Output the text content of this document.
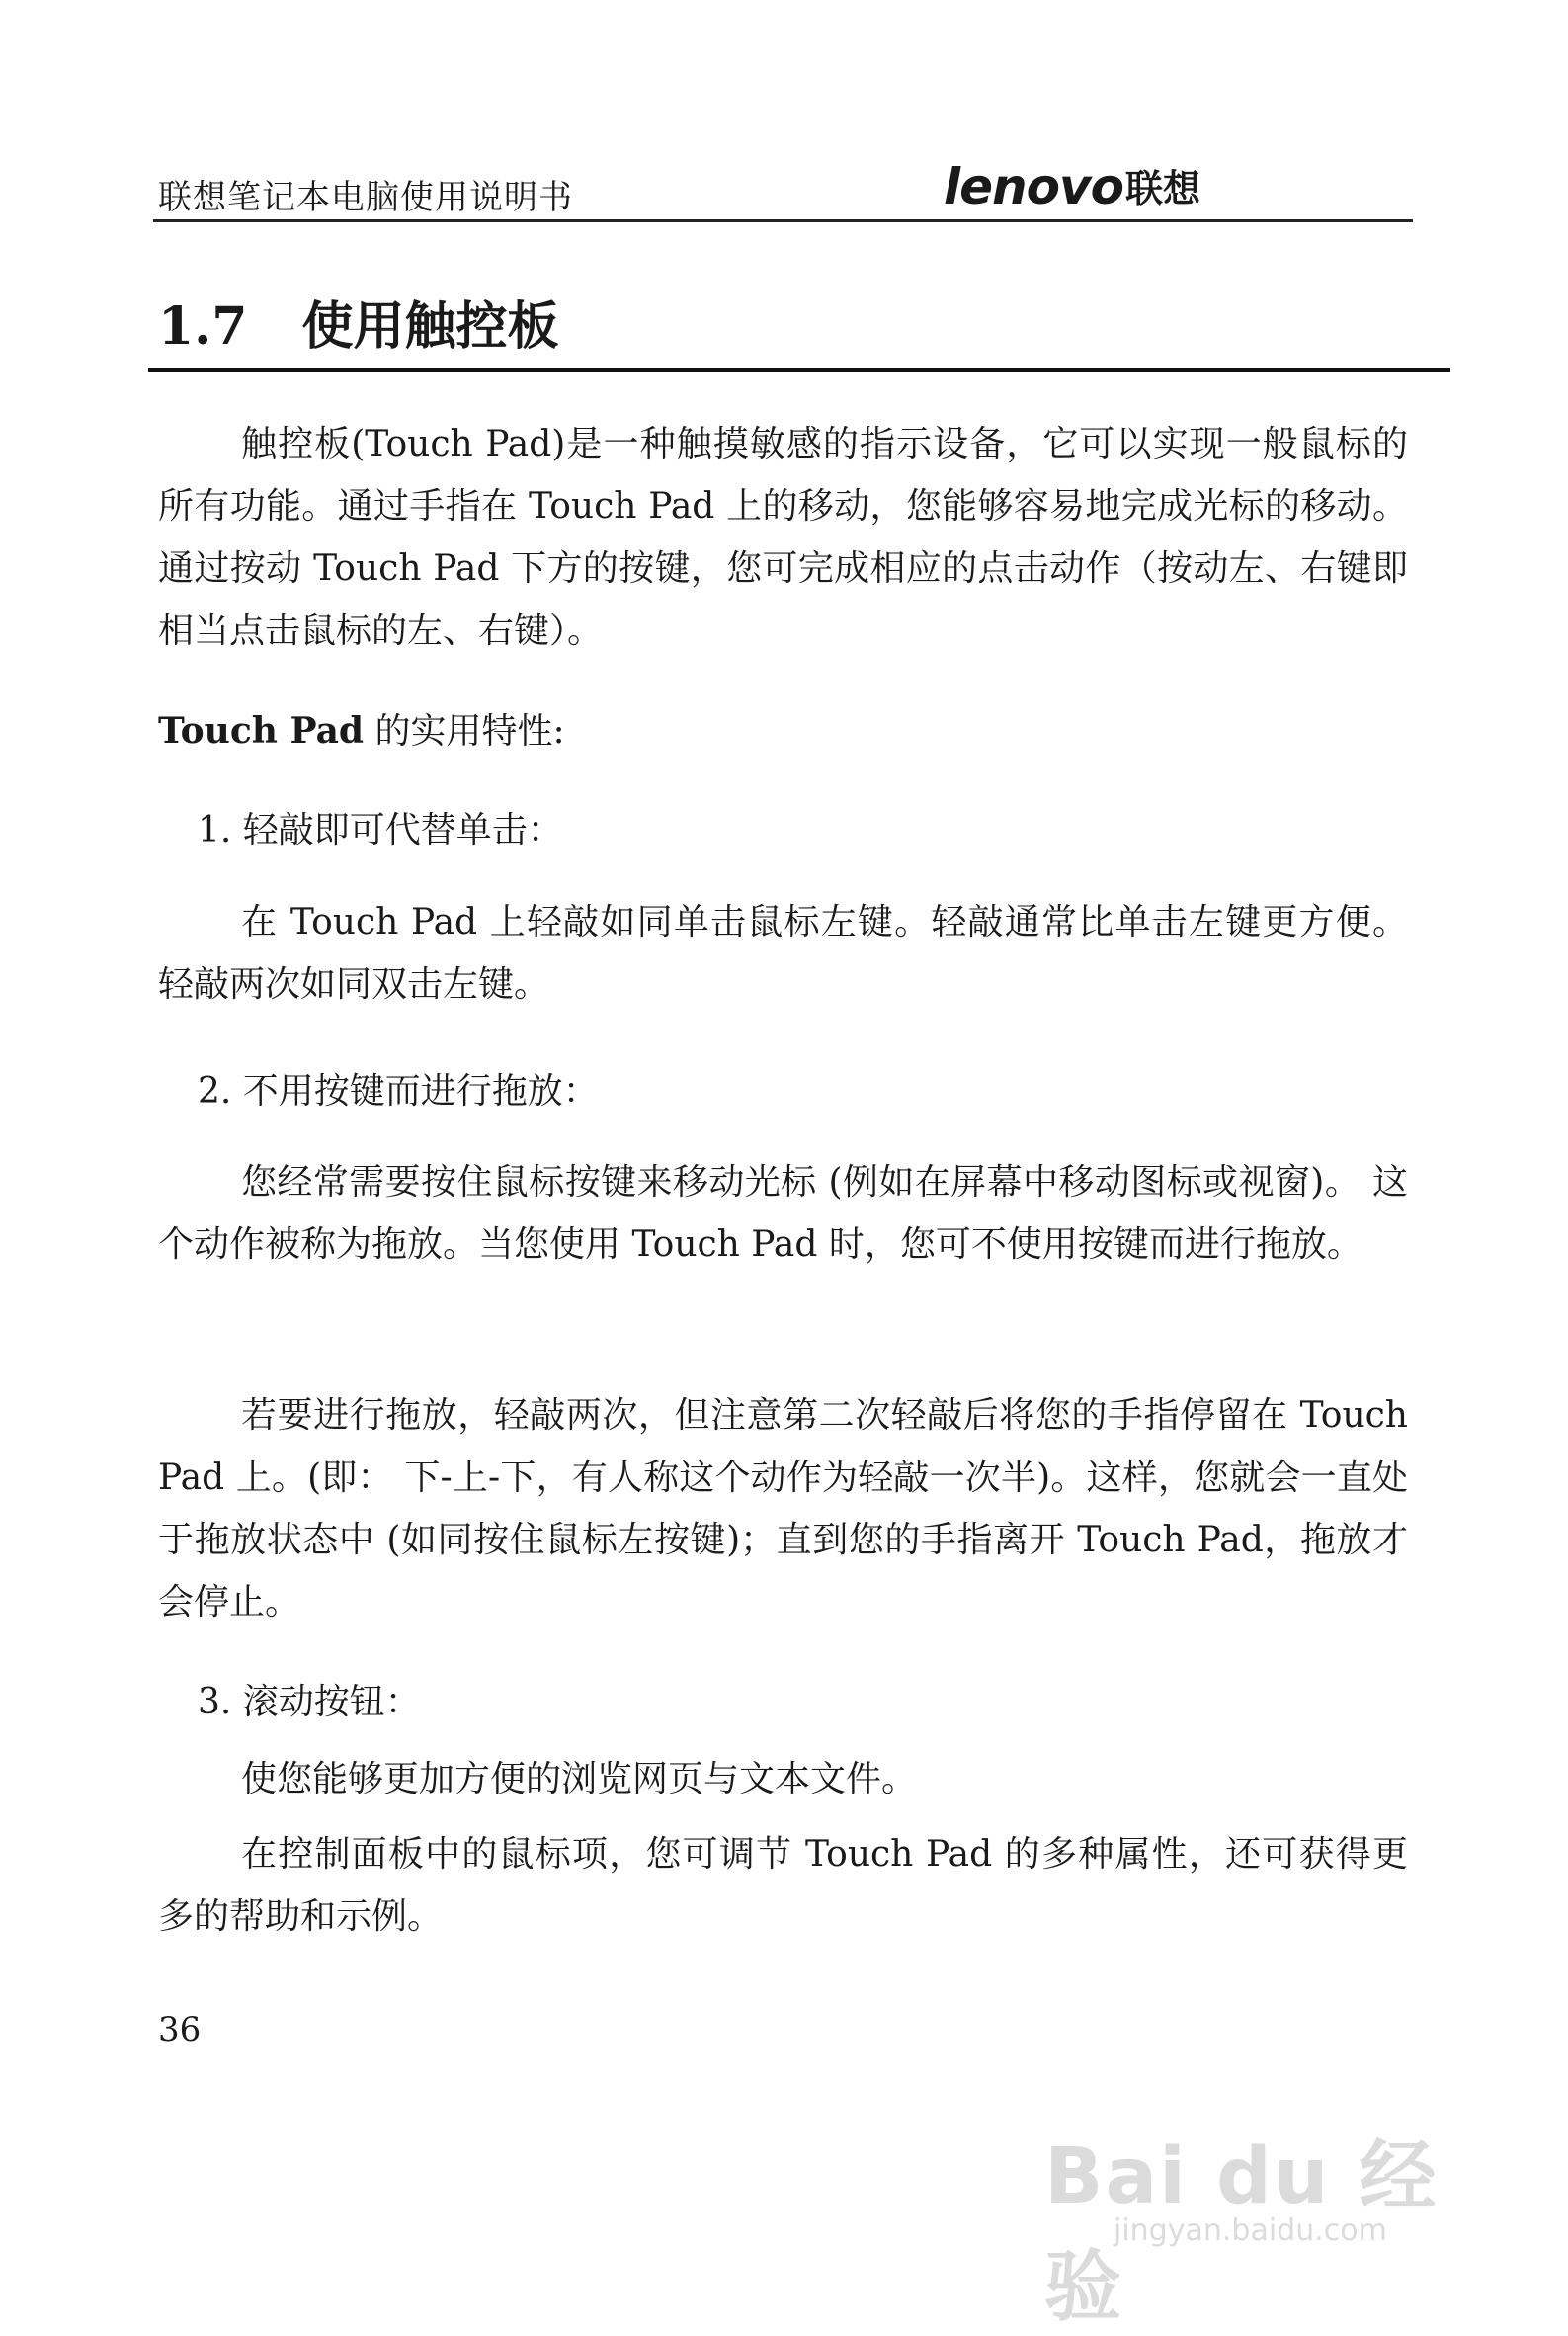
联想笔记本电脑使用说明书	lenovo 联想
1.7 使用触控板

触控板(Touch Pad)是一种触摸敏感的指示设备，它可以实现一般鼠标的所有功能。通过手指在 Touch Pad 上的移动，您能够容易地完成光标的移动。通过按动 Touch Pad 下方的按键，您可完成相应的点击动作（按动左、右键即相当点击鼠标的左、右键）。

Touch Pad 的实用特性:

1. 轻敲即可代替单击：

在 Touch Pad 上轻敲如同单击鼠标左键。轻敲通常比单击左键更方便。轻敲两次如同双击左键。

2. 不用按键而进行拖放：

您经常需要按住鼠标按键来移动光标 (例如在屏幕中移动图标或视窗)。 这个动作被称为拖放。当您使用 Touch Pad 时，您可不使用按键而进行拖放。

若要进行拖放，轻敲两次，但注意第二次轻敲后将您的手指停留在 Touch Pad 上。(即： 下-上-下，有人称这个动作为轻敲一次半)。这样，您就会一直处于拖放状态中 (如同按住鼠标左按键)；直到您的手指离开 Touch Pad，拖放才会停止。

3. 滚动按钮：

使您能够更加方便的浏览网页与文本文件。

在控制面板中的鼠标项，您可调节 Touch Pad 的多种属性，还可获得更多的帮助和示例。

36
Bai du 经验
jingyan.baidu.com
